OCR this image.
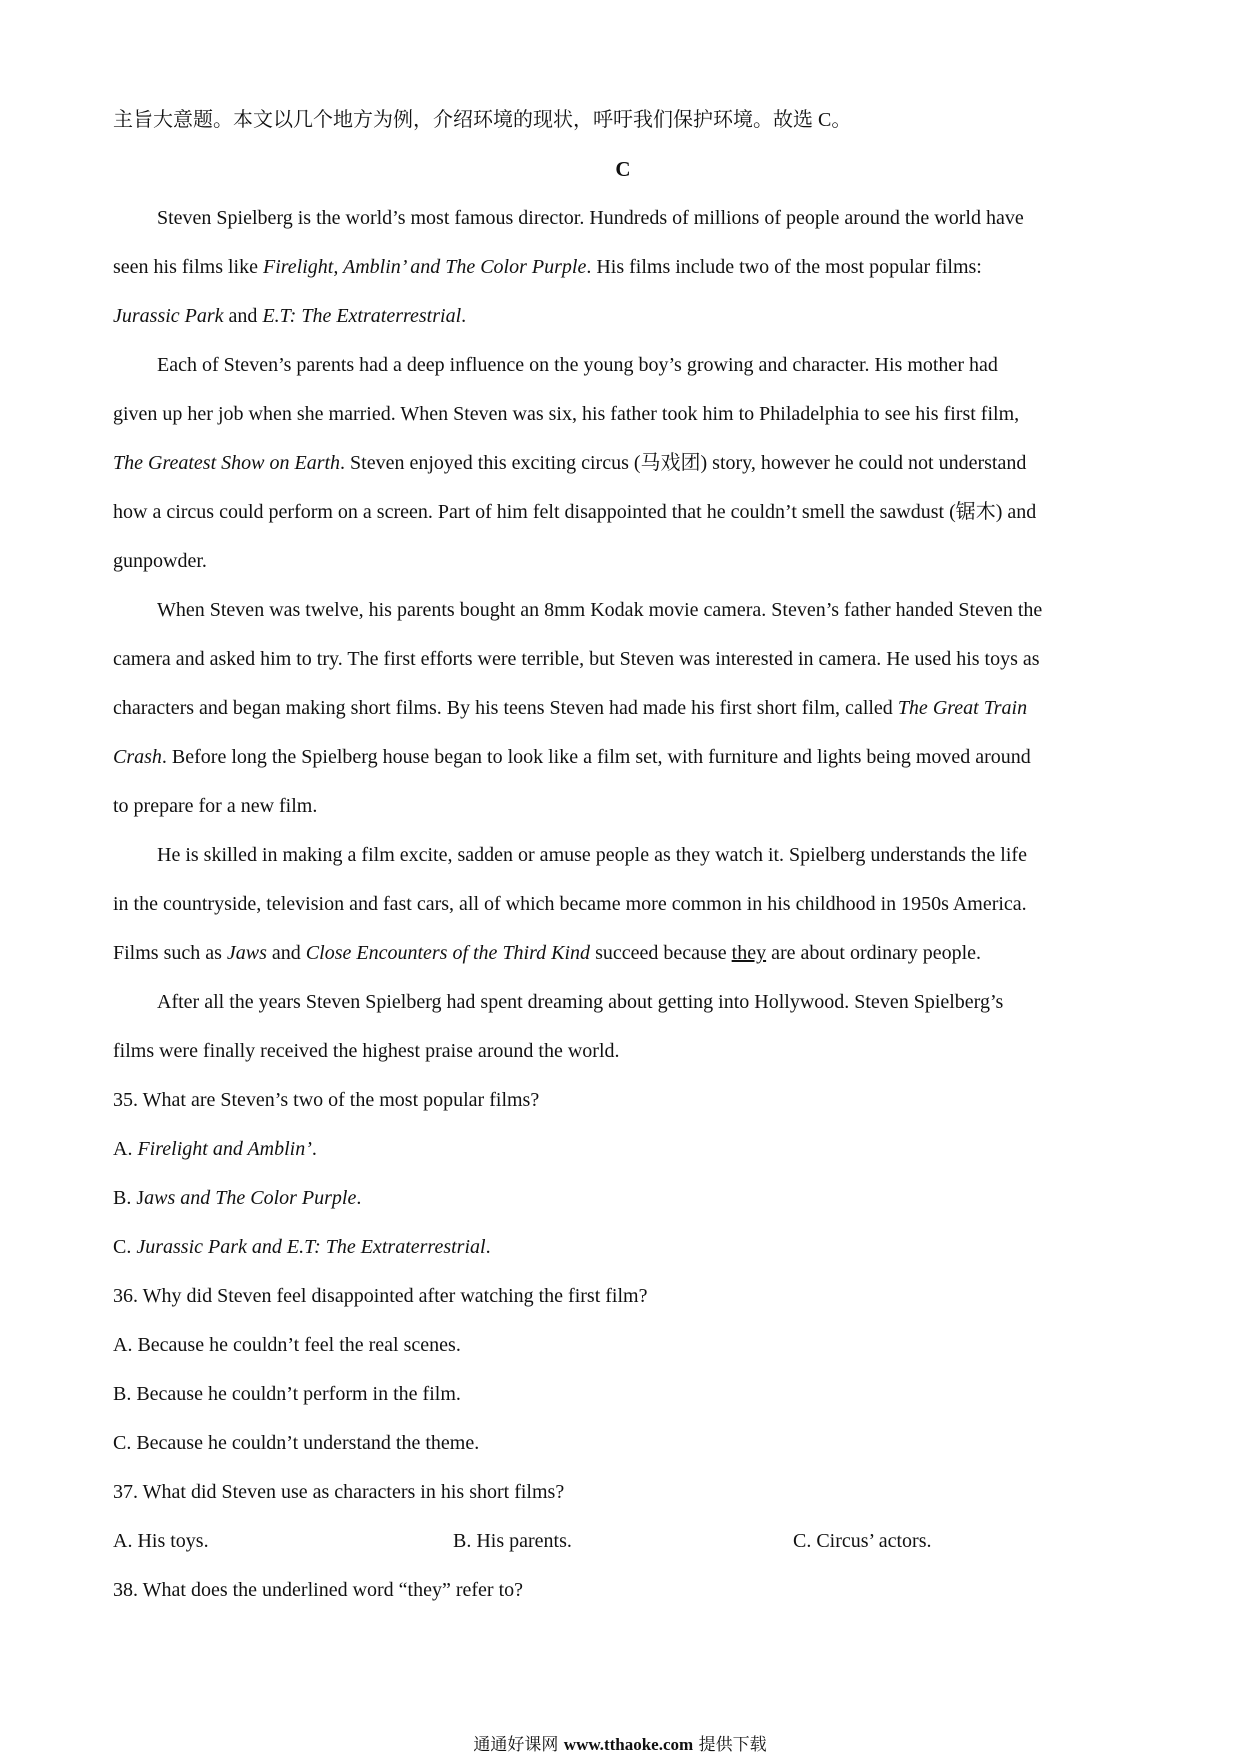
主旨大意题。本文以几个地方为例，介绍环境的现状，呼吁我们保护环境。故选 C。
C
Steven Spielberg is the world’s most famous director. Hundreds of millions of people around the world have
seen his films like Firelight, Amblin’ and The Color Purple. His films include two of the most popular films:
Jurassic Park and E.T: The Extraterrestrial.
Each of Steven’s parents had a deep influence on the young boy’s growing and character. His mother had
given up her job when she married. When Steven was six, his father took him to Philadelphia to see his first film,
The Greatest Show on Earth. Steven enjoyed this exciting circus (马戏团) story, however he could not understand
how a circus could perform on a screen. Part of him felt disappointed that he couldn’t smell the sawdust (锯木) and
gunpowder.
When Steven was twelve, his parents bought an 8mm Kodak movie camera. Steven’s father handed Steven the
camera and asked him to try. The first efforts were terrible, but Steven was interested in camera. He used his toys as
characters and began making short films. By his teens Steven had made his first short film, called The Great Train
Crash. Before long the Spielberg house began to look like a film set, with furniture and lights being moved around
to prepare for a new film.
He is skilled in making a film excite, sadden or amuse people as they watch it. Spielberg understands the life
in the countryside, television and fast cars, all of which became more common in his childhood in 1950s America.
Films such as Jaws and Close Encounters of the Third Kind succeed because they are about ordinary people.
After all the years Steven Spielberg had spent dreaming about getting into Hollywood. Steven Spielberg’s
films were finally received the highest praise around the world.
35. What are Steven’s two of the most popular films?
A. Firelight and Amblin’.
B. Jaws and The Color Purple.
C. Jurassic Park and E.T: The Extraterrestrial.
36. Why did Steven feel disappointed after watching the first film?
A. Because he couldn’t feel the real scenes.
B. Because he couldn’t perform in the film.
C. Because he couldn’t understand the theme.
37. What did Steven use as characters in his short films?
A. His toys.	B. His parents.	C. Circus’ actors.
38. What does the underlined word “they” refer to?
通通好课网 www.tthaoke.com 提供下载
